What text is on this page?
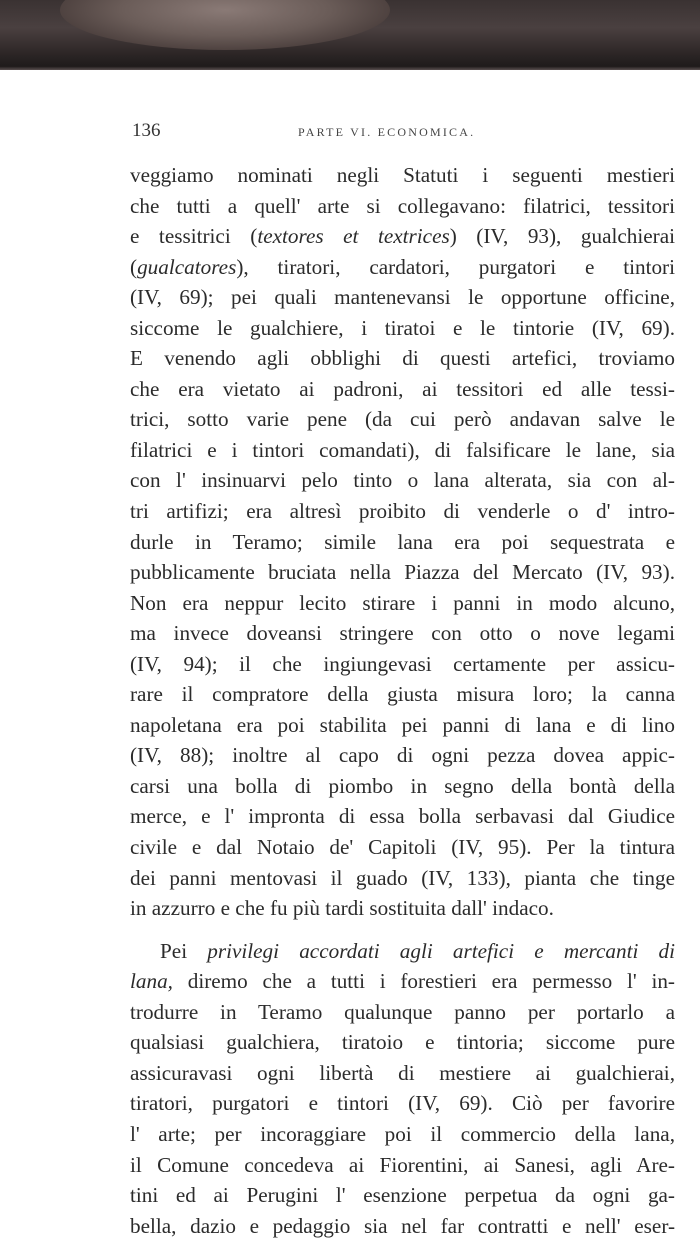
136	PARTE VI. ECONOMICA.
veggiamo nominati negli Statuti i seguenti mestieri
che tutti a quell' arte si collegavano: filatrici, tessitori
e tessitrici (textores et textrices) (IV, 93), gualchierai
(gualcatores), tiratori, cardatori, purgatori e tintori
(IV, 69); pei quali mantenevansi le opportune officine,
siccome le gualchiere, i tiratoi e le tintorie (IV, 69).
E venendo agli obblighi di questi artefici, troviamo
che era vietato ai padroni, ai tessitori ed alle tessi-
trici, sotto varie pene (da cui però andavan salve le
filatrici e i tintori comandati), di falsificare le lane, sia
con l' insinuarvi pelo tinto o lana alterata, sia con al-
tri artifizi; era altresì proibito di venderle o d' intro-
durle in Teramo; simile lana era poi sequestrata e
pubblicamente bruciata nella Piazza del Mercato (IV, 93).
Non era neppur lecito stirare i panni in modo alcuno,
ma invece doveansi stringere con otto o nove legami
(IV, 94); il che ingiungevasi certamente per assicu-
rare il compratore della giusta misura loro; la canna
napoletana era poi stabilita pei panni di lana e di lino
(IV, 88); inoltre al capo di ogni pezza dovea appic-
carsi una bolla di piombo in segno della bontà della
merce, e l' impronta di essa bolla serbavasi dal Giudice
civile e dal Notaio de' Capitoli (IV, 95). Per la tintura
dei panni mentovasi il guado (IV, 133), pianta che tinge
in azzurro e che fu più tardi sostituita dall' indaco.
Pei privilegi accordati agli artefici e mercanti di
lana, diremo che a tutti i forestieri era permesso l' in-
trodurre in Teramo qualunque panno per portarlo a
qualsiasi gualchiera, tiratoio e tintoria; siccome pure
assicuravasi ogni libertà di mestiere ai gualchierai,
tiratori, purgatori e tintori (IV, 69). Ciò per favorire
l' arte; per incoraggiare poi il commercio della lana,
il Comune concedeva ai Fiorentini, ai Sanesi, agli Are-
tini ed ai Perugini l' esenzione perpetua da ogni ga-
bella, dazio e pedaggio sia nel far contratti e nell' eser-
